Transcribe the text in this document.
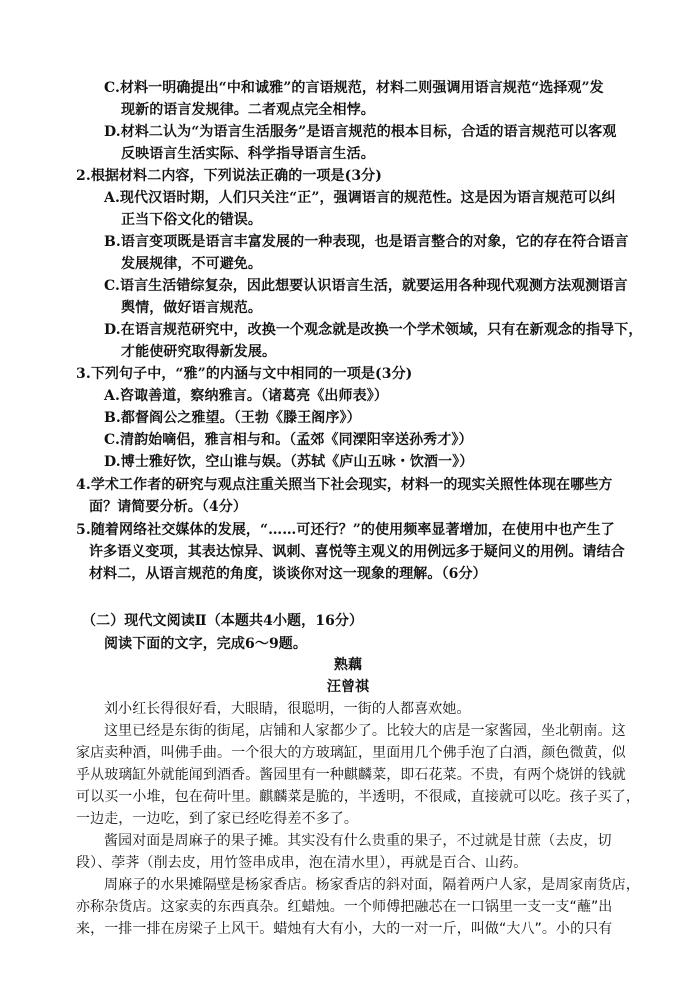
C.材料一明确提出“中和诚雅”的言语规范，材料二则强调用语言规范“选择观”发
现新的语言发规律。二者观点完全相悖。
D.材料二认为“为语言生活服务”是语言规范的根本目标，合适的语言规范可以客观
反映语言生活实际、科学指导语言生活。
2.根据材料二内容，下列说法正确的一项是(3分)
A.现代汉语时期，人们只关注“正”，强调语言的规范性。这是因为语言规范可以纠
正当下俗文化的错误。
B.语言变项既是语言丰富发展的一种表现，也是语言整合的对象，它的存在符合语言
发展规律，不可避免。
C.语言生活错综复杂，因此想要认识语言生活，就要运用各种现代观测方法观测语言
舆情，做好语言规范。
D.在语言规范研究中，改换一个观念就是改换一个学术领域，只有在新观念的指导下，
才能使研究取得新发展。
3.下列句子中，“雅”的内涵与文中相同的一项是(3分)
A.咨诹善道，察纳雅言。（诸葛亮《出师表》）
B.都督阎公之雅望。（王勃《滕王阁序》）
C.清韵始嘀侣，雅言相与和。（孟郊《同溧阳宰送孙秀才》）
D.博士雅好饮，空山谁与娱。（苏轼《庐山五咏・饮酒一》）
4.学术工作者的研究与观点注重关照当下社会现实，材料一的现实关照性体现在哪些方
面？请简要分析。（4分）
5.随着网络社交媒体的发展，“……可还行？”的使用频率显著增加，在使用中也产生了
许多语义变项，其表达惊异、讽刺、喜悦等主观义的用例远多于疑问义的用例。请结合
材料二，从语言规范的角度，谈谈你对这一现象的理解。（6分）
（二）现代文阅读Ⅱ（本题共4小题，16分）
阅读下面的文字，完成6～9题。
熟藕
汪曾祺
刘小红长得很好看，大眼睛，很聪明，一街的人都喜欢她。
这里已经是东街的街尾，店铺和人家都少了。比较大的店是一家酱园，坐北朝南。这
家店卖种酒，叫佛手曲。一个很大的方玻璃缸，里面用几个佛手泡了白酒，颜色微黄，似
乎从玻璃缸外就能闻到酒香。酱园里有一种麒麟菜，即石花菜。不贵，有两个烧饼的钱就
可以买一小堆，包在荷叶里。麒麟菜是脆的，半透明，不很咸，直接就可以吃。孩子买了，
一边走，一边吃，到了家已经吃得差不多了。
酱园对面是周麻子的果子摊。其实没有什么贵重的果子，不过就是甘蔗（去皮，切
段）、荸荠（削去皮，用竹签串成串，泡在清水里），再就是百合、山药。
周麻子的水果摊隔壁是杨家香店。杨家香店的斜对面，隔着两户人家，是周家南货店，
亦称杂货店。这家卖的东西真杂。红蜡烛。一个师傅把融芯在一口锅里一支一支“蘸”出
来，一排一排在房梁子上风干。蜡烛有大有小，大的一对一斤，叫做“大八”。小的只有
